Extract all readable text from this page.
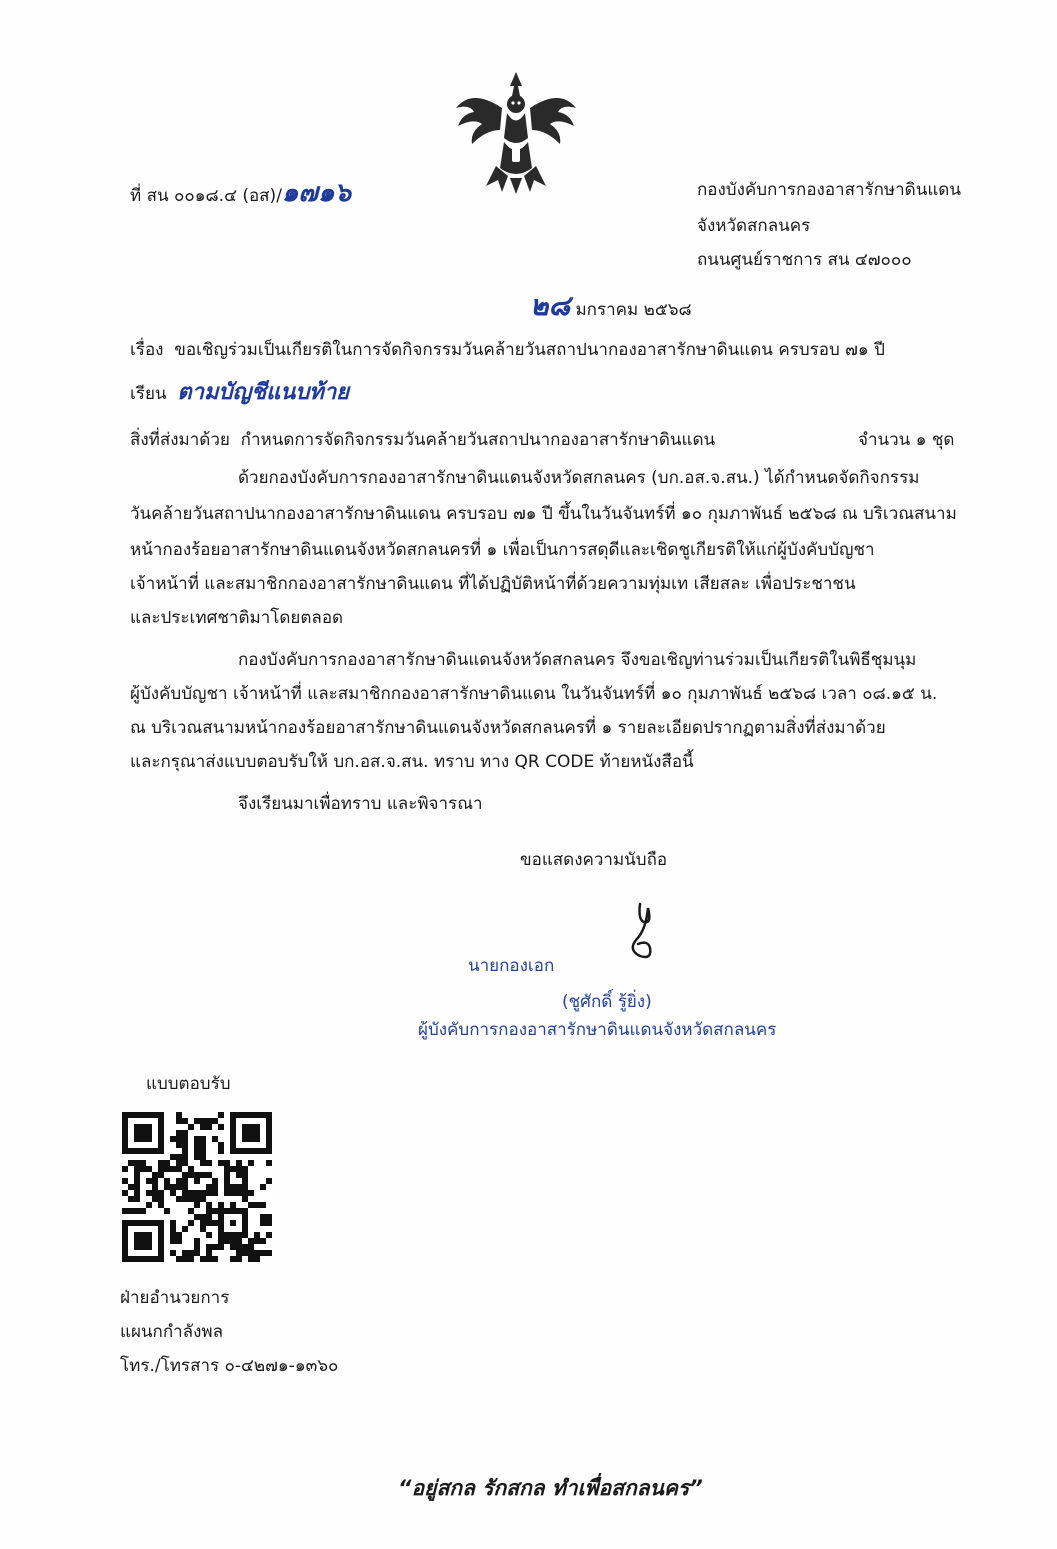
ที่ สน ๐๐๑๘.๔ (อส)/๑๗๑๖	กองบังคับการกองอาสารักษาดินแดน
จังหวัดสกลนคร
ถนนศูนย์ราชการ สน ๔๗๐๐๐
๒๘ มกราคม ๒๕๖๘
เรื่อง ขอเชิญร่วมเป็นเกียรติในการจัดกิจกรรมวันคล้ายวันสถาปนากองอาสารักษาดินแดน ครบรอบ ๗๑ ปี
เรียน ตามบัญชีแนบท้าย
สิ่งที่ส่งมาด้วย กำหนดการจัดกิจกรรมวันคล้ายวันสถาปนากองอาสารักษาดินแดน	จำนวน ๑ ชุด
ด้วยกองบังคับการกองอาสารักษาดินแดนจังหวัดสกลนคร (บก.อส.จ.สน.) ได้กำหนดจัดกิจกรรม
วันคล้ายวันสถาปนากองอาสารักษาดินแดน ครบรอบ ๗๑ ปี ขึ้นในวันจันทร์ที่ ๑๐ กุมภาพันธ์ ๒๕๖๘ ณ บริเวณสนาม
หน้ากองร้อยอาสารักษาดินแดนจังหวัดสกลนครที่ ๑ เพื่อเป็นการสดุดีและเชิดชูเกียรติให้แก่ผู้บังคับบัญชา
เจ้าหน้าที่ และสมาชิกกองอาสารักษาดินแดน ที่ได้ปฏิบัติหน้าที่ด้วยความทุ่มเท เสียสละ เพื่อประชาชน
และประเทศชาติมาโดยตลอด
กองบังคับการกองอาสารักษาดินแดนจังหวัดสกลนคร จึงขอเชิญท่านร่วมเป็นเกียรติในพิธีชุมนุม
ผู้บังคับบัญชา เจ้าหน้าที่ และสมาชิกกองอาสารักษาดินแดน ในวันจันทร์ที่ ๑๐ กุมภาพันธ์ ๒๕๖๘ เวลา ๐๘.๑๕ น.
ณ บริเวณสนามหน้ากองร้อยอาสารักษาดินแดนจังหวัดสกลนครที่ ๑ รายละเอียดปรากฏตามสิ่งที่ส่งมาด้วย
และกรุณาส่งแบบตอบรับให้ บก.อส.จ.สน. ทราบ ทาง QR CODE ท้ายหนังสือนี้
จึงเรียนมาเพื่อทราบ และพิจารณา
ขอแสดงความนับถือ
นายกองเอก
(ชูศักดิ์ รู้ยิ่ง)
ผู้บังคับการกองอาสารักษาดินแดนจังหวัดสกลนคร
แบบตอบรับ
ฝ่ายอำนวยการ
แผนกกำลังพล
โทร./โทรสาร ๐-๔๒๗๑-๑๓๖๐
“อยู่สกล รักสกล ทำเพื่อสกลนคร”
